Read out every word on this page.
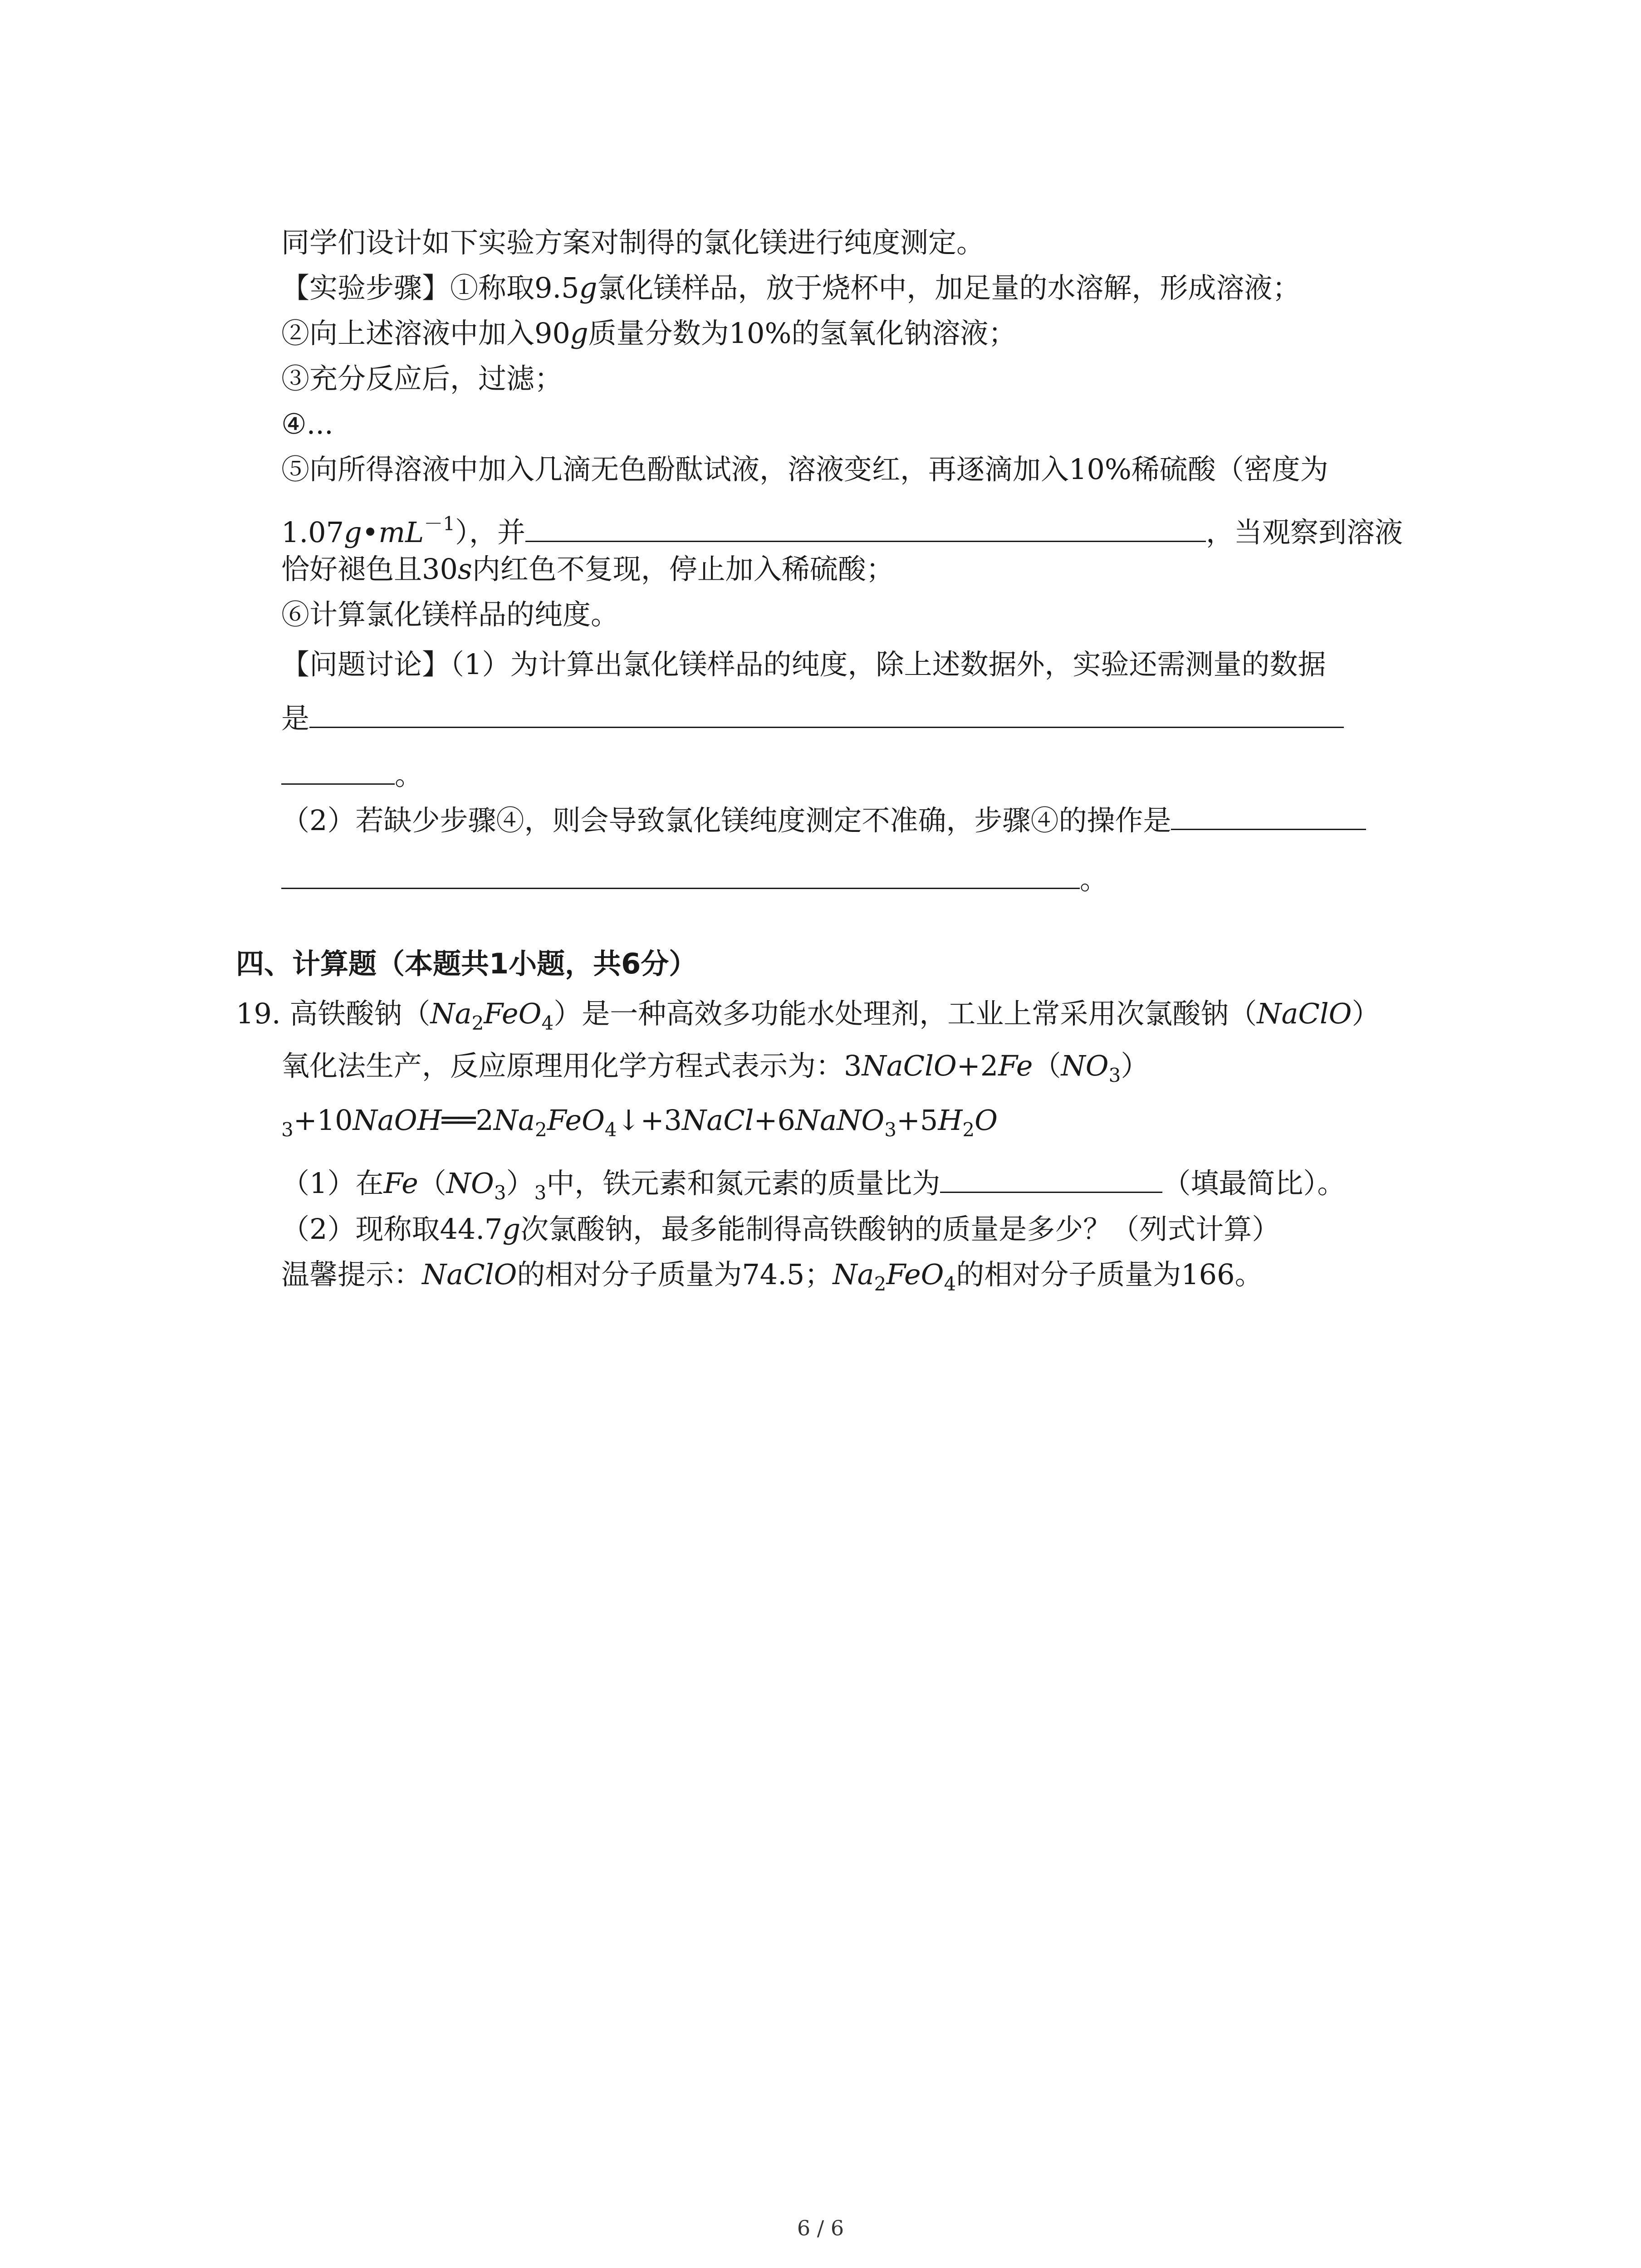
同学们设计如下实验方案对制得的氯化镁进行纯度测定。
【实验步骤】①称取9.5g氯化镁样品，放于烧杯中，加足量的水溶解，形成溶液；
②向上述溶液中加入90g质量分数为10%的氢氧化钠溶液；
③充分反应后，过滤；
④...
⑤向所得溶液中加入几滴无色酚酞试液，溶液变红，再逐滴加入10%稀硫酸（密度为
$1.07g•mL^{-1}$），并	，当观察到溶液
恰好褪色且30s内红色不复现，停止加入稀硫酸；
⑥计算氯化镁样品的纯度。
【问题讨论】（1）为计算出氯化镁样品的纯度，除上述数据外，实验还需测量的数据
是
。
（2）若缺少步骤④，则会导致氯化镁纯度测定不准确，步骤④的操作是
。
四、计算题（本题共1小题，共6分）
19. 高铁酸钠$(Na_2FeO_4)$是一种高效多功能水处理剂，工业上常采用次氯酸钠（NaClO）
氧化法生产，反应原理用化学方程式表示为：$3NaClO+2Fe(NO_3)$
$_3+10NaOH══2Na_2FeO_4↓+3NaCl+6NaNO_3+5H_2O$
（1）在$Fe(NO_3)_3$中，铁元素和氮元素的质量比为	（填最简比）。
（2）现称取44.7g次氯酸钠，最多能制得高铁酸钠的质量是多少？（列式计算）
温馨提示：NaClO的相对分子质量为74.5；$Na_2FeO_4$的相对分子质量为166。
6 / 6
